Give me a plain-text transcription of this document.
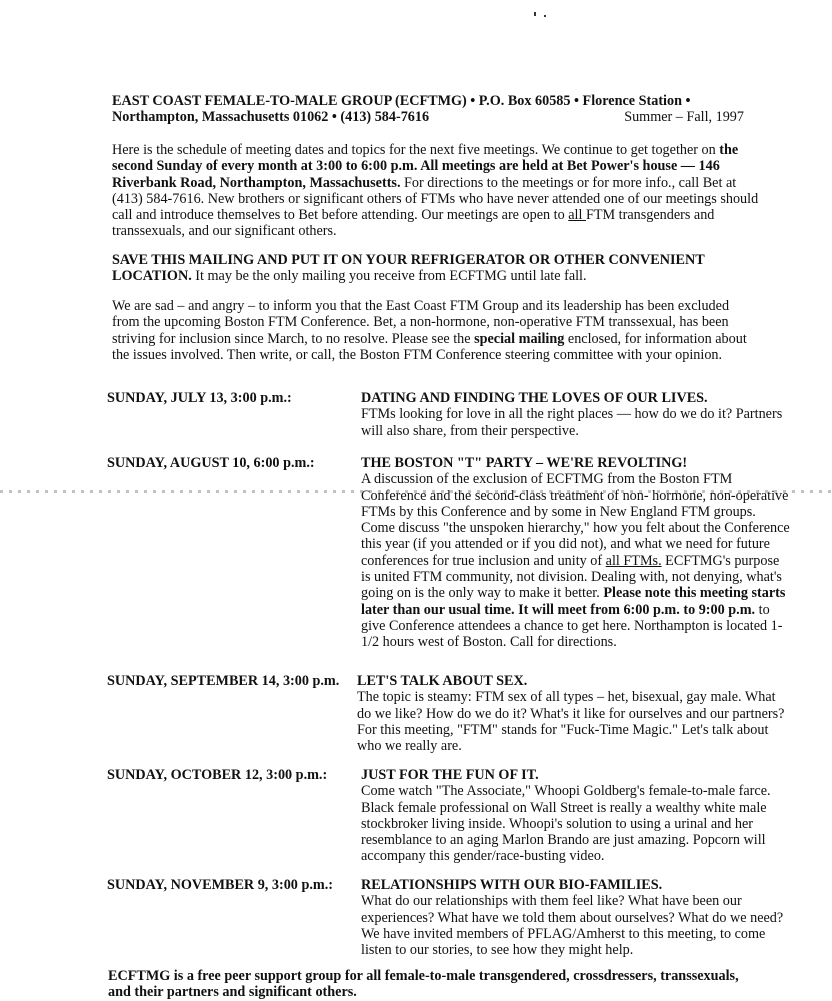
EAST COAST FEMALE-TO-MALE GROUP (ECFTMG) • P.O. Box 60585 • Florence Station •
Northampton, Massachusetts 01062 • (413) 584-7616	Summer – Fall, 1997
Here is the schedule of meeting dates and topics for the next five meetings. We continue to get together on the second Sunday of every month at 3:00 to 6:00 p.m. All meetings are held at Bet Power's house — 146 Riverbank Road, Northampton, Massachusetts. For directions to the meetings or for more info., call Bet at (413) 584-7616. New brothers or significant others of FTMs who have never attended one of our meetings should call and introduce themselves to Bet before attending. Our meetings are open to all FTM transgenders and transsexuals, and our significant others.
SAVE THIS MAILING AND PUT IT ON YOUR REFRIGERATOR OR OTHER CONVENIENT LOCATION. It may be the only mailing you receive from ECFTMG until late fall.
We are sad – and angry – to inform you that the East Coast FTM Group and its leadership has been excluded from the upcoming Boston FTM Conference. Bet, a non-hormone, non-operative FTM transsexual, has been striving for inclusion since March, to no resolve. Please see the special mailing enclosed, for information about the issues involved. Then write, or call, the Boston FTM Conference steering committee with your opinion.
SUNDAY, JULY 13, 3:00 p.m.:	DATING AND FINDING THE LOVES OF OUR LIVES.
FTMs looking for love in all the right places — how do we do it? Partners will also share, from their perspective.
SUNDAY, AUGUST 10, 6:00 p.m.:	THE BOSTON "T" PARTY – WE'RE REVOLTING!
A discussion of the exclusion of ECFTMG from the Boston FTM Conference and the second-class treatment of non- hormone, non-operative FTMs by this Conference and by some in New England FTM groups. Come discuss "the unspoken hierarchy," how you felt about the Conference this year (if you attended or if you did not), and what we need for future conferences for true inclusion and unity of all FTMs. ECFTMG's purpose is united FTM community, not division. Dealing with, not denying, what's going on is the only way to make it better. Please note this meeting starts later than our usual time. It will meet from 6:00 p.m. to 9:00 p.m. to give Conference attendees a chance to get here. Northampton is located 1-1/2 hours west of Boston. Call for directions.
SUNDAY, SEPTEMBER 14, 3:00 p.m. LET'S TALK ABOUT SEX.
The topic is steamy: FTM sex of all types – het, bisexual, gay male. What do we like? How do we do it? What's it like for ourselves and our partners? For this meeting, "FTM" stands for "Fuck-Time Magic." Let's talk about who we really are.
SUNDAY, OCTOBER 12, 3:00 p.m.: JUST FOR THE FUN OF IT.
Come watch "The Associate," Whoopi Goldberg's female-to-male farce. Black female professional on Wall Street is really a wealthy white male stockbroker living inside. Whoopi's solution to using a urinal and her resemblance to an aging Marlon Brando are just amazing. Popcorn will accompany this gender/race-busting video.
SUNDAY, NOVEMBER 9, 3:00 p.m.: RELATIONSHIPS WITH OUR BIO-FAMILIES.
What do our relationships with them feel like? What have been our experiences? What have we told them about ourselves? What do we need? We have invited members of PFLAG/Amherst to this meeting, to come listen to our stories, to see how they might help.
ECFTMG is a free peer support group for all female-to-male transgendered, crossdressers, transsexuals, and their partners and significant others.
